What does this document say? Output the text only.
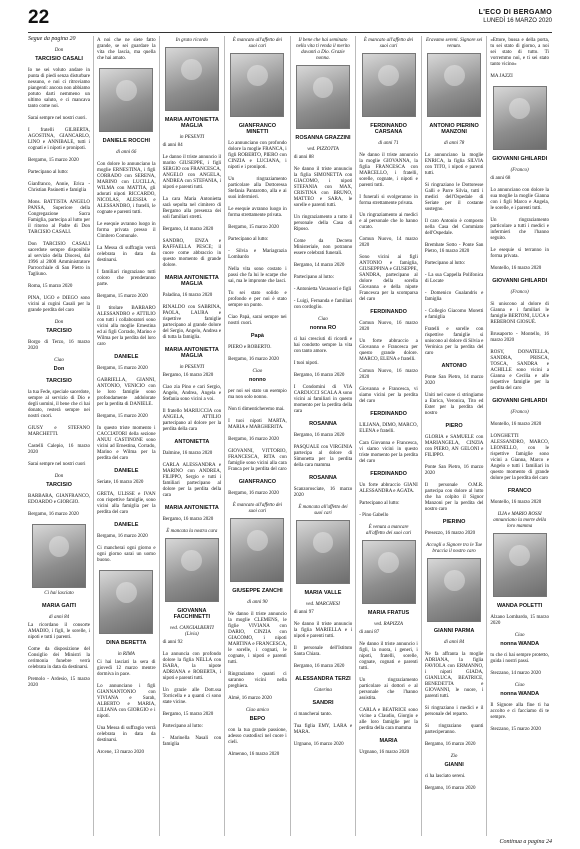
22	L'ECO DI BERGAMO
LUNEDÌ 16 MARZO 2020
Segue da pagina 20

Don

TARCISIO CASALI

Io ne sei voluto andare in punta di piedi senza disturbare nessuno, e noi ci ritroviamo piangenti: ancora non abbiamo potuto darti nemmeno un ultimo saluto, e ci mancava tanto come noi.

Sarai sempre nel nostri cuori.

I fratelli GILBERTA, AGOSTINA, GIANCARLO, LINO e ANNIBALE, tutti i cognati e i nipoti e pronipoti.

Bergamo, 15 marzo 2020

Partecipano al lutto:

Gianfranco, Annie, Erica - Christian Pasinetti e famiglia

Mons. BATTISTA ANGELO PANSA, Superiore della Congregazione Sacra Famiglia, partecipa al lutto per il ritorno al Padre di Don TARCISIO CASALI.

Don TARCISIO CASALI sacerdote sempre disponibile al servizio della Diocesi, dal 1996 al 2000 Amministratore Parrocchiale di San Pietro in Tagliuno.

Roma, 15 marzo 2020

PINA, UGO e DIEGO sono vicini ai cugini Casali per la grande perdita del caro

Don

TARCISIO

Borgo di Terzo, 16 marzo 2020

Ciao

Don

TARCISIO

la tua Fede, speciale sacerdote, sempre al servizio di Dio e degli uomini, il bene che ci hai donato, resterà sempre nei nostri cuori.

GIUSY e STEFANO MARCHETTI.

Castelli Calepio, 16 marzo 2020

Sarai sempre nel nostri cuori

Don

TARCISIO

BARBARA, GIANFRANCO, EDOARDO e GIORGIO.

Bergamo, 16 marzo 2020

Ci hai lasciato

MARIA GAITI

di anni 84

La ricordano il consorte AMADIO, i figli, le sorelle, i nipoti e tutti i parenti.

Come da disposizione del Consiglio dei Ministri la cerimonia funebre verrà celebrata in data da destinarsi.

Premolo - Ardesio, 15 marzo 2020

A noi che ne siete fatto grande, se sei guardare la vita che lascia, ma quella che hai amato.

DANIELE ROCCHI

di anni 66

Con dolore lo annunciano la moglie ERNESTINA, i figli CORRADO con SERENA, MARINO con LUCILLA, WILMA con MATTIA, gli adorati nipoti RICCARDO, NICOLAS, ALESSIA e ALESSANDRO, i fratelli, le cognate e parenti tutti.

Le esequie avranno luogo in forma privata presso il Cimitero Comunale.

La Messa di suffragio verrà celebrata in data da destinarsi.

I familiari ringraziano tutti coloro che prenderanno parte.

Bergamo, 15 marzo 2020

Il titolare BARBARO ALESSANDRO e ATTILIO con tutti i collaboratori sono vicini alla moglie Ernestina ed ai figli Corrado, Marino e Wilma per la perdita del loro caro

DANIELE

Bergamo, 15 marzo 2020

GABRIELLA, GIANNI, ANTONIO, VENICIO con le loro famiglie sono profondamente addolorate per la perdita di DANIELE.

Bergamo, 15 marzo 2020

In questo triste momento i CACCIATORI della sezione ANUU CASTINONE sono vicini ad Ernestina, Corrado, Marino e Wilma per la perdita del caro

DANIELE

Seriate, 16 marzo 2020

GRETA, ULISSE e IVAN con rispettive famiglie, sono vicini alla famiglia per la perdita del caro

DANIELE

Bergamo, 16 marzo 2020

Ci mancherai ogni giorno e ogni giorno sarai un uomo buono.

DINA BERETTA

in RIMA

Ci hai lasciati la sera di giovedì 12 marzo mentre dormiva in pace.

Lo annunciano i figli GIANNANTONIO con VIVIANA e Sarah, ALBERTO e MARIA, LILIANA con GIORGIO e i nipoti.

Una Messa di suffragio verrà celebrata in data da destinarsi.

Arcene, 13 marzo 2020

In grato ricordo

MARIA ANTONIETTA MAGLIA

in PESENTI

di anni 84

Le danno il triste annuncio il marito GIUSEPPE, i figli SERGIO con FRANCESCA, ANGELO con ANGELA, ANDREA con STEFANIA, i nipoti e parenti tutti.

La cara Maria Antonietta sarà sepolta nel cimitero di Bergamo alla presenza dei soli familiari stretti.

Bergamo, 14 marzo 2020

SANDRO, ENZA e RAFFAELLA PESCE; il cuore come abbraccio in questo momento di grande dolore.

MARIA ANTONIETTA MAGLIA

Paladina, 16 marzo 2020

RINALDO con SABRINA, PAOLA, LAURA e rispettive famiglie partecipano al grande dolore del Sergio, Angelo, Andrea e di tutta la famiglia.

MARIA ANTONIETTA MAGLIA

in PESENTI

Bergamo, 16 marzo 2020

Ciao zia Pino e cari Sergio, Angelo, Andrea, Angela e Stefania sono vicini a voi.

Il fratello MARIUCCIA con ANGELA, ATTILIO partecipano al dolore per la perdita della cara

ANTONIETTA

Dalmine, 16 marzo 2020

CARLA ALESSANDRA e MARINO con ANDREA, FILIPPO, Sergio e tutti i familiari partecipano al dolore per la perdita della cara

MARIA ANTONIETTA

Bergamo, 16 marzo 2020

È mancata la nostra cara

GIOVANNA FACCHINETTI

ved. CANGIALBERTI (Livia)

di anni 92

Lo annuncia con profondo dolore la figlia NELLA con ISABA, la nipote ADRIANA e ROBERTA, i nipoti e parenti tutti.

Un grazie alle Dott.ssa Torricella e a quanti ci sono state vicine.

Bergamo, 15 marzo 2020

Partecipano al lutto:

- Marinella Nasali con famiglia

È mancato all'affetto dei suoi cari

GIANFRANCO MINETTI

Lo annunciano con profondo dolore la moglie FRANCA, i figli ROBERTO, PIERO con CINZIA e LUCIANA, i nipoti e i pronipoti.

Un ringraziamento particolare alla Dottoressa Stefania Pantarotto, alla e ai suoi infermieri.

Le esequie avranno luogo in forma strettamente privata.

Bergamo, 15 marzo 2020

Partecipano al lutto:

- Silvia e Mariagrazia Lombardo

Nella vita sono costato i passi che fa lui le scarpe che sai, ma le impronte che lasci.

Tu sei stato solido e profondo e per noi è stato sempre un punto.

Ciao Papà, sarai sempre nei nostri cuori.

Papà

PIERO e ROBERTO.

Bergamo, 16 marzo 2020

Ciao

nonno

per noi sei stato un esempio ma non solo nonno.

Non ti dimenticheremo mai.

I tuoi nipoti MARTA, MARIA e MARGHERITA.

Bergamo, 16 marzo 2020

GIOVANNI, VITTORIO, FRANCESCA, RITA con famiglie sono vicini alla cara Franca per la perdita del caro

GIANFRANCO

Bergamo, 16 marzo 2020

È mancato all'affetto dei suoi cari

GIUSEPPE ZANCHI

di anni 90

Ne danno il triste annuncio la moglie CLEMENS, le figlie VIVIANA con DARIO, CINZIA con GIACOMO, i nipoti MARTINA e FRANCESCA, le sorelle, i cognati, le cognate, i nipoti e parenti tutti.

Ringraziamo quanti ci saranno vicini nella preghiera.

Almè, 16 marzo 2020

Ciao amico

BEPO

con la tua grande passione, adesso custodisci nel cuore i cieli.

Almenno, 16 marzo 2020

Il bene che hai seminato nella vita ti renda il merito davanti a Dio. Grazie nonna.

ROSANNA GRAZZINI

ved. PIZZOTTA

di anni 88

Ne danno il triste annuncio la figlia SIMONETTA con GIACOMO, i nipoti STEFANIA con MAX, CRISTINA con BRUNO, MATTEO e SARA, le sorelle e parenti tutti.

Un ringraziamento a tutto il personale della Casa di Riposo.

Come da Decreto Ministeriale, non potranno essere celebrati funerali.

Bergamo, 14 marzo 2020

Partecipano al lutto:

- Antonietta Vavassori e figli

- Luigi, Fernanda e familiari con cordoglio.

Ciao

nonna RO

ci hai cresciuti di ricordi e hai condotto sempre la vita con tanto amore.

I tuoi nipoti.

Bergamo, 16 marzo 2020

I Condomini di VIA CARDUCCI SCALA A sono vicini ai familiari in questo momento per la perdita della cara

ROSANNA

Bergamo, 16 marzo 2020

PASQUALE con VIRGINIA partecipa al dolore di Simonetta per la perdita della cara mamma

ROSANNA

Scanzorosciate, 16 marzo 2020

È mancata all'affetto dei suoi cari

MARIA VALLE

ved. MARCHESI

di anni 97

Ne danno il triste annuncio la figlia MARIELLA e i nipoti e parenti tutti.

Il personale dell'Istituto Santa Chiara.

Bergamo, 16 marzo 2020

ALESSANDRA TERZI

Caterina

SANDRI

ci mancherai tanto.

Tua figlia EMY, LARA e MARA.

Urgnano, 16 marzo 2020

È mancato all'affetto dei suoi cari

FERDINANDO CARSANA

di anni 71

Ne danno il triste annuncio la moglie GIOVANNA, la figlia FRANCESCA con MARCELLO, i fratelli, sorelle, cognate, i nipoti e parenti tutti.

I funerali si svolgeranno in forma strettamente privata.

Un ringraziamento ai medici e al personale che lo hanno curato.

Comun Nuovo, 14 marzo 2020

Sono vicini ai figli ANTONIO e famiglia, GIUSEPPINA e GIUSEPPE, SANDRA, partecipano al dolore della sorella Giovanna e della nipote Francesca per la scomparsa del caro

FERDINANDO

Comun Nuovo, 16 marzo 2020

Un forte abbraccio a Giovanna e Francesca per questo grande dolore. MARCO, ELENA e fratelli.

Comun Nuovo, 16 marzo 2020

Giovanna e Francesca, vi siamo vicini per la perdita del caro

FERDINANDO

LILIANA, DIMO, MARCO, ELENA e fratelli.

Cara Giovanna e Francesca, vi siamo vicini in questo triste momento per la perdita del caro

FERDINANDO

Un forte abbraccio GIANI ALESSANDRA e AGATA.

Partecipano al lutto:

- Pino Gabello

È venuta a mancare all'affetto dei suoi cari

MARIA FRATUS

ved. RAPIZZA

di anni 87

Ne danno il triste annuncio i figli, la nuora, i generi, i nipoti, fratelli, sorelle, cognate, cognati e parenti tutti.

Un ringraziamento particolare ai dottori e al personale che l'hanno assistita.

CARLA e BEATRICE sono vicine a Claudio, Giorgio e alle loro famiglie per la perdita della cara mamma

MARIA

Urgnano, 16 marzo 2020

Eravamo sereni. Signore sei venuto.

ANTONIO PIERINO MANZONI

di anni 78

Lo annunciano la moglie ENRICA, la figlia SILVIA con TITO, i nipoti e parenti tutti.

Si ringraziano le Dottoresse Galli e Parre Silvia, tutti i medici dell'Ospedale di Seriate per il costante sostegno.

Il caro Antonio è composto nella Casa del Commiato dell'Ospedale.

Brembate Sotto - Ponte San Pietro, 16 marzo 2020

Partecipano al lutto:

- La sua Cappella Polifonica di Locate

- Domenico Gualandris e famiglia

- Collegio Giacomo Moretti e famiglia

Fratelli e sorelle con rispettive famiglie si uniscono al dolore di Silvia e Verónica per la perdita del caro

ANTONIO

Ponte San Pietro, 14 marzo 2020

Uniti nel cuore ci stringiamo a Enrica, Veronica, Tito ed Ester per la perdita del nostro

PIERO

GLORIA e SAMUELE con MARIANGELA, CINZIA con PIERO, AN GELONI e FILIPPO.

Ponte San Pietro, 16 marzo 2020

Il personale O.M.R. partecipa con dolore al lutto che ha colpito il Signor Manzoni per la perdita del nostro caro

PIERINO

Presezzo, 16 marzo 2020

Accogli o Signore tra le Tue braccia il nostro caro

GIANNI PARMA

di anni 84

Ne fa affranta la moglie ADRIANA, la figlia FAVIOLA con ERMANNO, i nipoti GIADA, GIANLUCA, BEATRICE, BENEDETTA e GIOVANNI, le nuore, i parenti tutti.

Si ringraziano i medici e il personale del reparto.

Si ringraziano quanti parteciperanno.

Bergamo, 16 marzo 2020

Zio

GIANNI

ci ha lasciato sereni.

Bergamo, 16 marzo 2020

«Ettore, bussa e della porta, tu sei stato di giorno, a noi sei stato di tutto. Ti vorremmo noi, e ti sei stato tanto vicino»

MA JAZZI

GIOVANNI GHILARDI

(Franco)

di anni 68

Lo annunciano con dolore la sua moglie la moglie Gianna con i figli Marco e Angela, le sorelle, e i parenti tutti.

Un ringraziamento particolare a tutti i medici e infermieri che l'hanno seguito.

Le esequie si terranno in forma privata.

Montello, 16 marzo 2020

GIOVANNI GHILARDI

(Franco)

Si uniscono al dolore di Gianna e i familiari le famiglie BERTONI, LUCA e REBERONI GIOSUÈ.

Brusaporto - Montello, 16 marzo 2020

ROSY, DONATELLA, SANDRA, PRISCA, TOSCA, SANDRA e ACHILLE sono vicini a Gianna e Cecilia e alle rispettive famiglie per la perdita del caro

GIOVANNI GHILARDI

(Franco)

Montello, 16 marzo 2020

LONGHETTI ALESSANDRO, MARCO, LEONELLO, con le rispettive famiglie sono vicini a Gianna, Marco e Angelo e tutti i familiari in questo momento di grande dolore per la perdita del caro

FRANCO

Montello, 16 marzo 2020

ILIA e MARIO ROSSI annunciano la morte della loro mamma

WANDA POLETTI

Alzano Lombardo, 15 marzo 2020

Ciao

nonna WANDA

tu che ci hai sempre protetto, guida i nostri passi.

Stezzano, 14 marzo 2020

Ciao

nonna WANDA

Il Signore alla fine ti ha accolto e ci facciamo di te sempre.

Stezzano, 15 marzo 2020

Continua a pagina 24
